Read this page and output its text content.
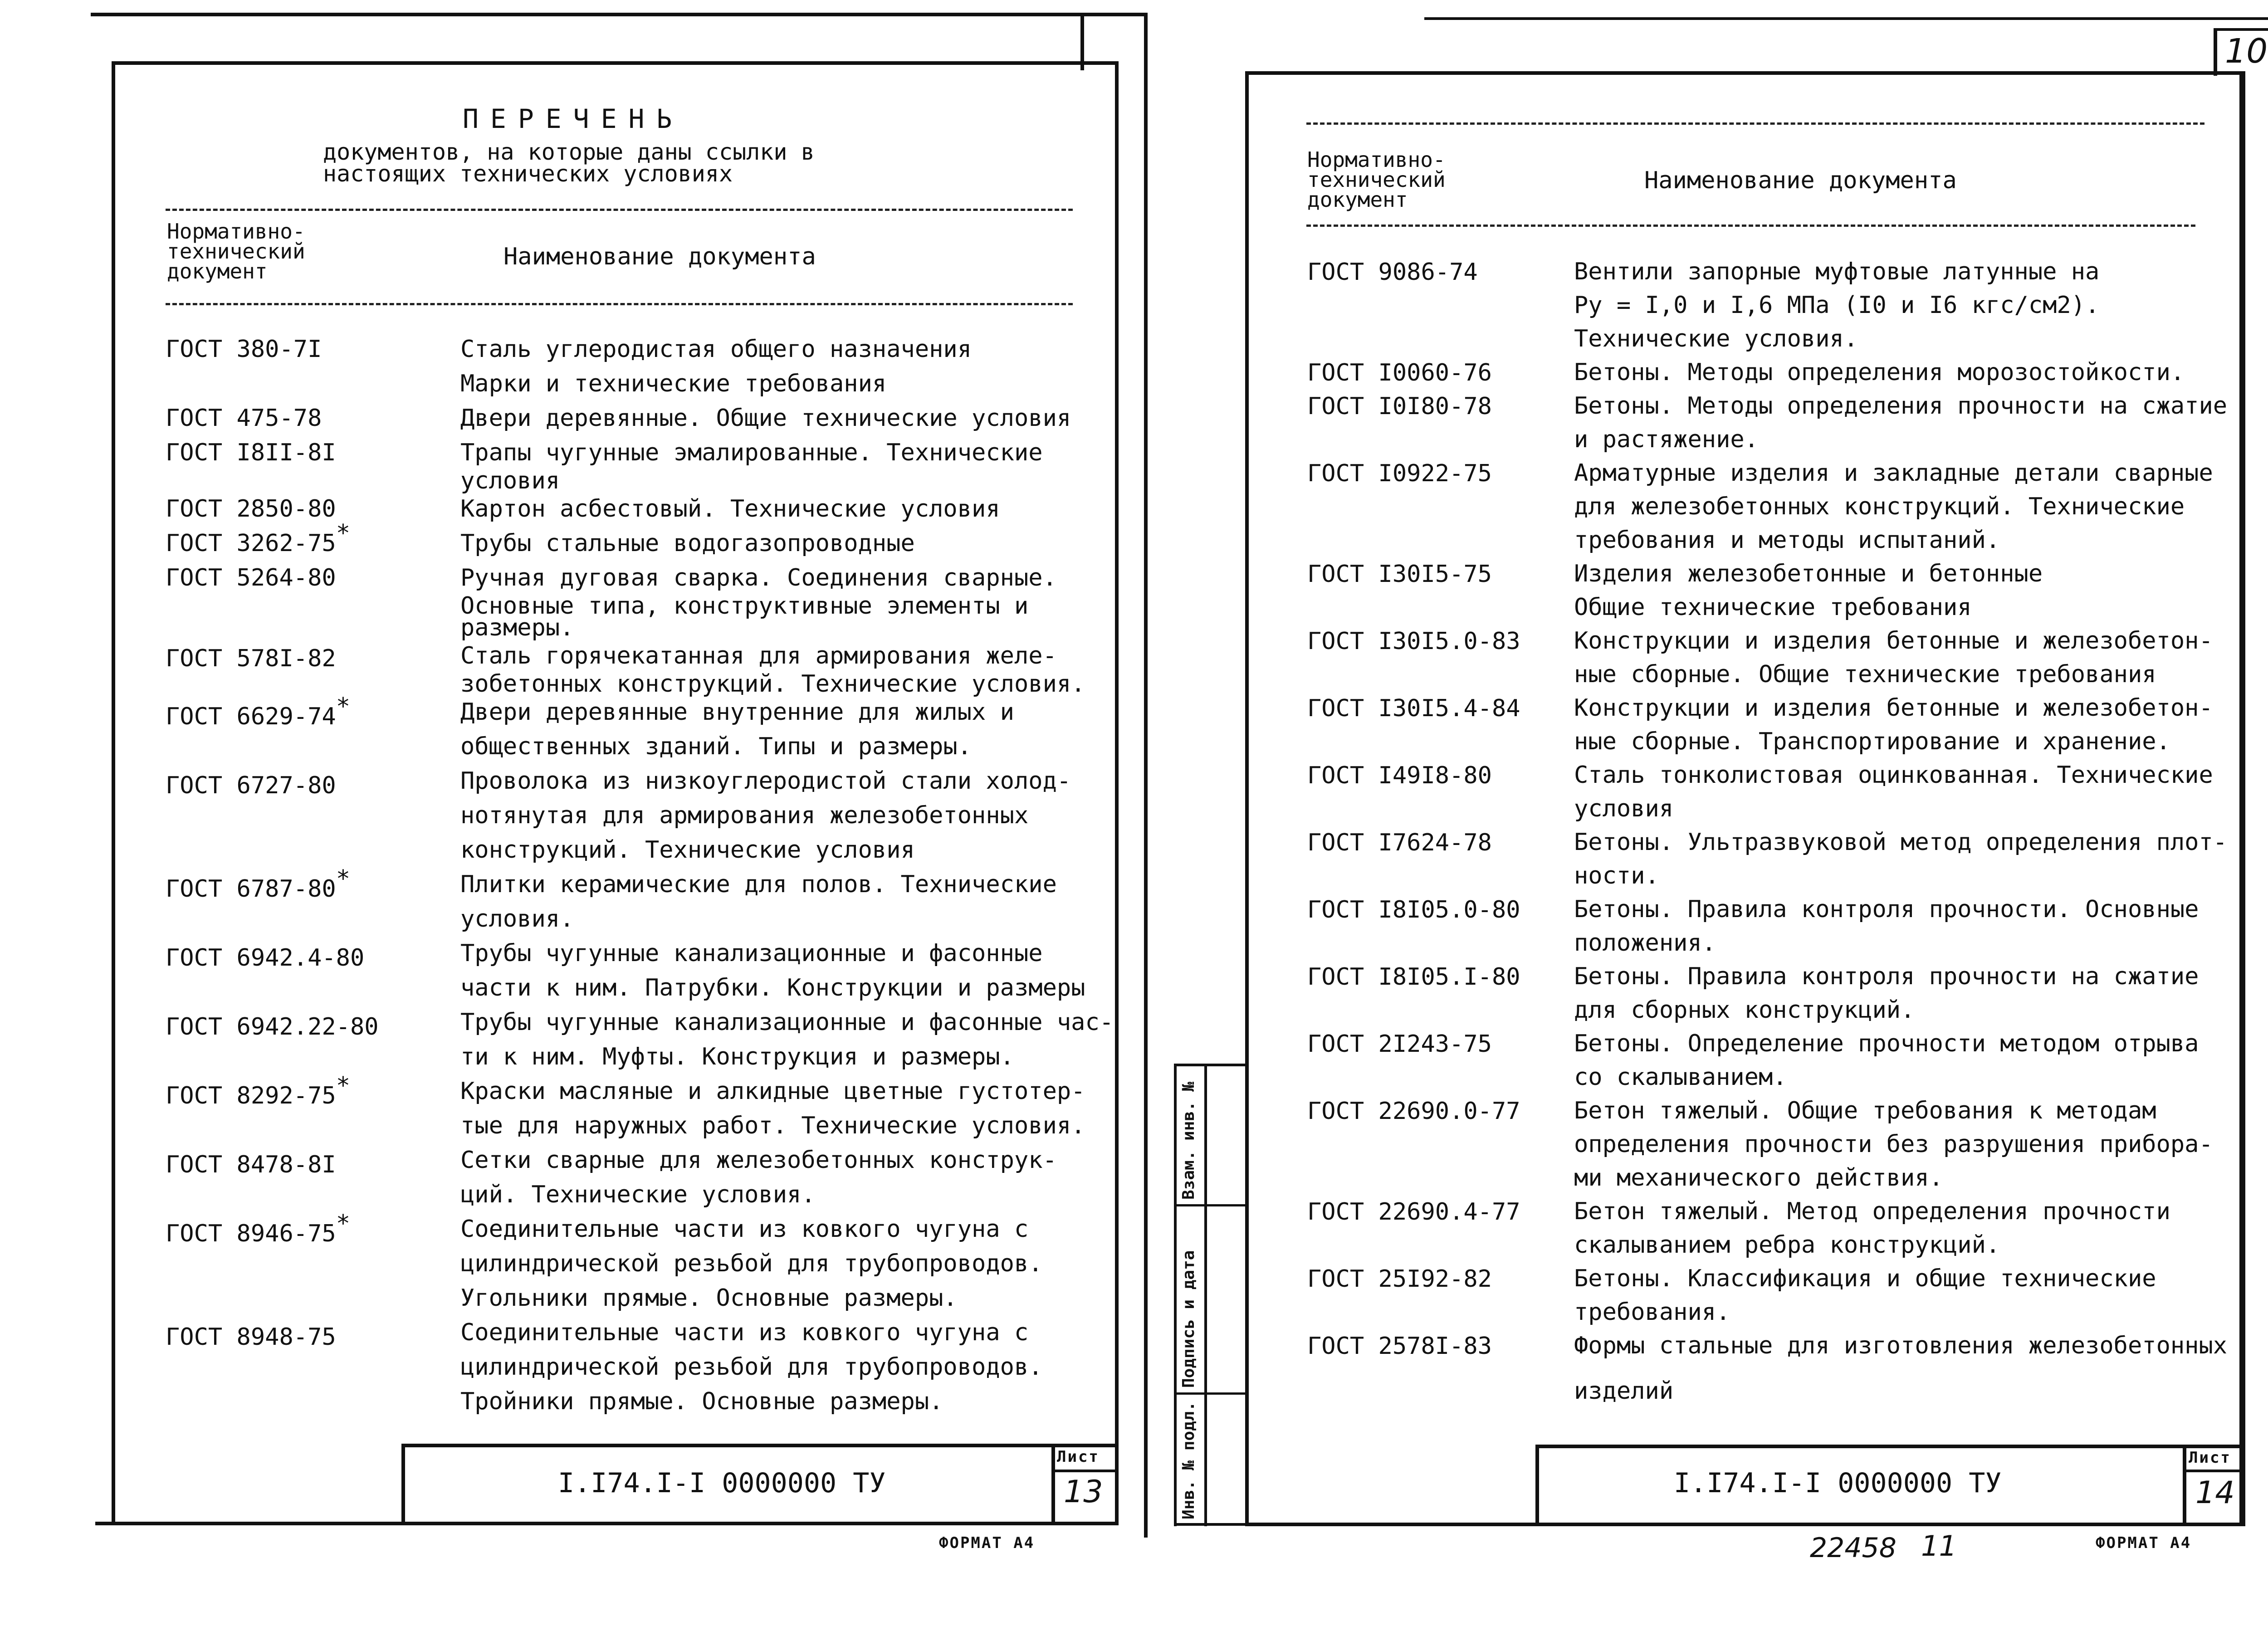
ПЕРЕЧЕНЬ
документов, на которые даны ссылки в
настоящих технических условиях
Нормативно-
технический
документ
Наименование документа
ГОСТ 380-7I
ГОСТ 475-78
ГОСТ I8II-8I
ГОСТ 2850-80
ГОСТ 3262-75*
ГОСТ 5264-80
ГОСТ 578I-82
ГОСТ 6629-74*
ГОСТ 6727-80
ГОСТ 6787-80*
ГОСТ 6942.4-80
ГОСТ 6942.22-80
ГОСТ 8292-75*
ГОСТ 8478-8I
ГОСТ 8946-75*
ГОСТ 8948-75
Сталь углеродистая общего назначения
Марки и технические требования
Двери деревянные. Общие технические условия
Трапы чугунные эмалированные. Технические
условия
Картон асбестовый. Технические условия
Трубы стальные водогазопроводные
Ручная дуговая сварка. Соединения сварные.
Основные типа, конструктивные элементы и
размеры.
Сталь горячекатанная для армирования желе-
зобетонных конструкций. Технические условия.
Двери деревянные внутренние для жилых и
общественных зданий. Типы и размеры.
Проволока из низкоуглеродистой стали холод-
нотянутая для армирования железобетонных
конструкций. Технические условия
Плитки керамические для полов. Технические
условия.
Трубы чугунные канализационные и фасонные
части к ним. Патрубки. Конструкции и размеры
Трубы чугунные канализационные и фасонные час-
ти к ним. Муфты. Конструкция и размеры.
Краски масляные и алкидные цветные густотер-
тые для наружных работ. Технические условия.
Сетки сварные для железобетонных конструк-
ций. Технические условия.
Соединительные части из ковкого чугуна с
цилиндрической резьбой для трубопроводов.
Угольники прямые. Основные размеры.
Соединительные части из ковкого чугуна с
цилиндрической резьбой для трубопроводов.
Тройники прямые. Основные размеры.
I.I74.I-I 0000000 ТУ
Лист
13
ФОРМАТ А4
10
Нормативно-
технический
документ
Наименование документа
ГОСТ 9086-74
ГОСТ I0060-76
ГОСТ I0I80-78
ГОСТ I0922-75
ГОСТ I30I5-75
ГОСТ I30I5.0-83
ГОСТ I30I5.4-84
ГОСТ I49I8-80
ГОСТ I7624-78
ГОСТ I8I05.0-80
ГОСТ I8I05.I-80
ГОСТ 2I243-75
ГОСТ 22690.0-77
ГОСТ 22690.4-77
ГОСТ 25I92-82
ГОСТ 2578I-83
Вентили запорные муфтовые латунные на
Ру = I,0 и I,6 МПа (I0 и I6 кгс/см2).
Технические условия.
Бетоны. Методы определения морозостойкости.
Бетоны. Методы определения прочности на сжатие
и растяжение.
Арматурные изделия и закладные детали сварные
для железобетонных конструкций. Технические
требования и методы испытаний.
Изделия железобетонные и бетонные
Общие технические требования
Конструкции и изделия бетонные и железобетон-
ные сборные. Общие технические требования
Конструкции и изделия бетонные и железобетон-
ные сборные. Транспортирование и хранение.
Сталь тонколистовая оцинкованная. Технические
условия
Бетоны. Ультразвуковой метод определения плот-
ности.
Бетоны. Правила контроля прочности. Основные
положения.
Бетоны. Правила контроля прочности на сжатие
для сборных конструкций.
Бетоны. Определение прочности методом отрыва
со скалыванием.
Бетон тяжелый. Общие требования к методам
определения прочности без разрушения прибора-
ми механического действия.
Бетон тяжелый. Метод определения прочности
скалыванием ребра конструкций.
Бетоны. Классификация и общие технические
требования.
Формы стальные для изготовления железобетонных
изделий
Инв. № подл.
Подпись и дата
Взам. инв. №
I.I74.I-I 0000000 ТУ
Лист
14
22458 11	ФОРМАТ А4
